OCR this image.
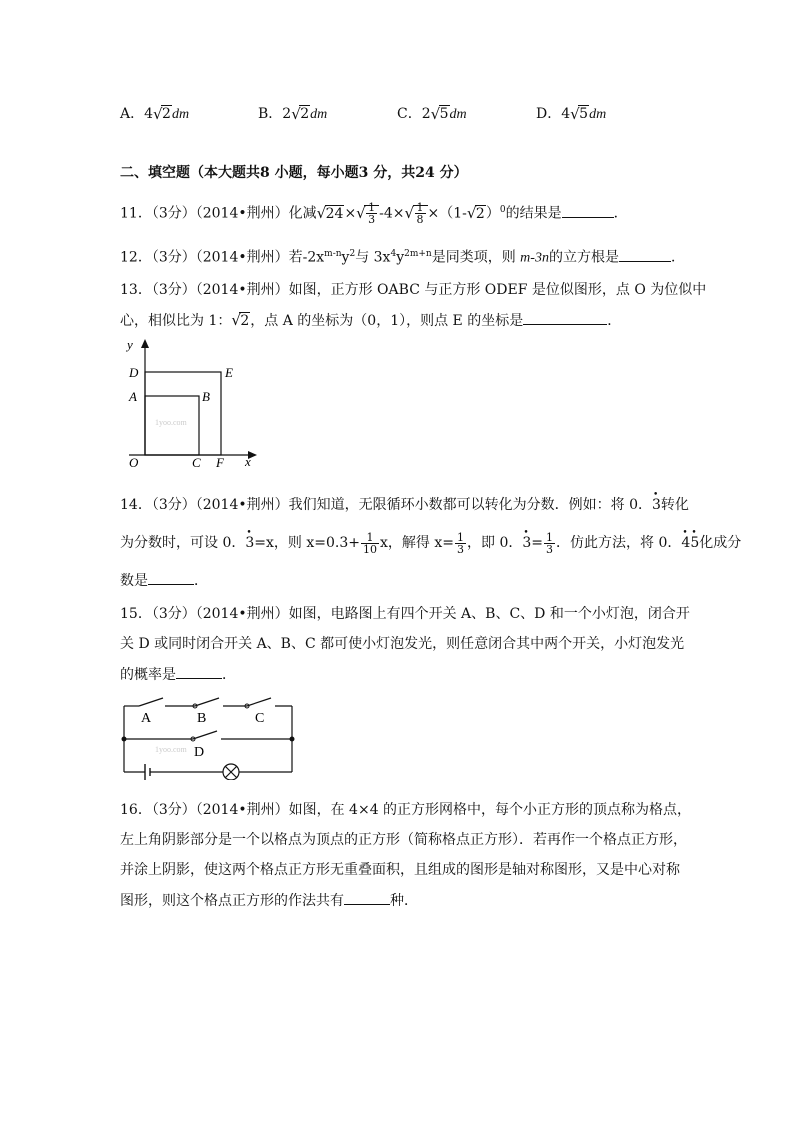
A．4 √ 2dm	B．2 √ 2dm	C．2 √ 5dm	D．4 √ 5dm
二、填空题（本大题共8 小题，每小题3 分，共24 分）
11．（3分）（2014•荆州）化减 √ 24× √ $\frac{1}{3} -4\times$ √ $\frac{1}{8} \times(1-$ √ 2）$^0$的结果是	．
12．（3分）（2014•荆州）若$-2x^{m-n}y^2$与 $3x^4y^{2m+n}$是同类项，则 m-3n的立方根是	．
13．（3分）（2014•荆州）如图，正方形 OABC 与正方形 ODEF 是位似图形，点 O 为位似中
心，相似比为 1： √ 2，点 A 的坐标为（0，1），则点 E 的坐标是	．
y
x
D	E
A	B
O	C F
1yoo.com
14．（3分）（2014•荆州）我们知道，无限循环小数都可以转化为分数．例如：将 0．• 3转化
为分数时，可设 0．• 3=x，则 $x=0.3+ \frac{1}{10}$ x，解得 $x= \frac{1}{3}$ ，即 0．• $3= \frac{1}{3}$ ．仿此方法，将 0．• 4• 5化成分
数是	．
15．（3分）（2014•荆州）如图，电路图上有四个开关 A、B、C、D 和一个小灯泡，闭合开
关 D 或同时闭合开关 A、B、C 都可使小灯泡发光，则任意闭合其中两个开关，小灯泡发光
的概率是	．
A	B	C
D
1yoo.com
16．（3分）（2014•荆州）如图，在 4×4 的正方形网格中，每个小正方形的顶点称为格点，
左上角阴影部分是一个以格点为顶点的正方形（简称格点正方形）．若再作一个格点正方形，
并涂上阴影，使这两个格点正方形无重叠面积，且组成的图形是轴对称图形，又是中心对称
图形，则这个格点正方形的作法共有	种．
